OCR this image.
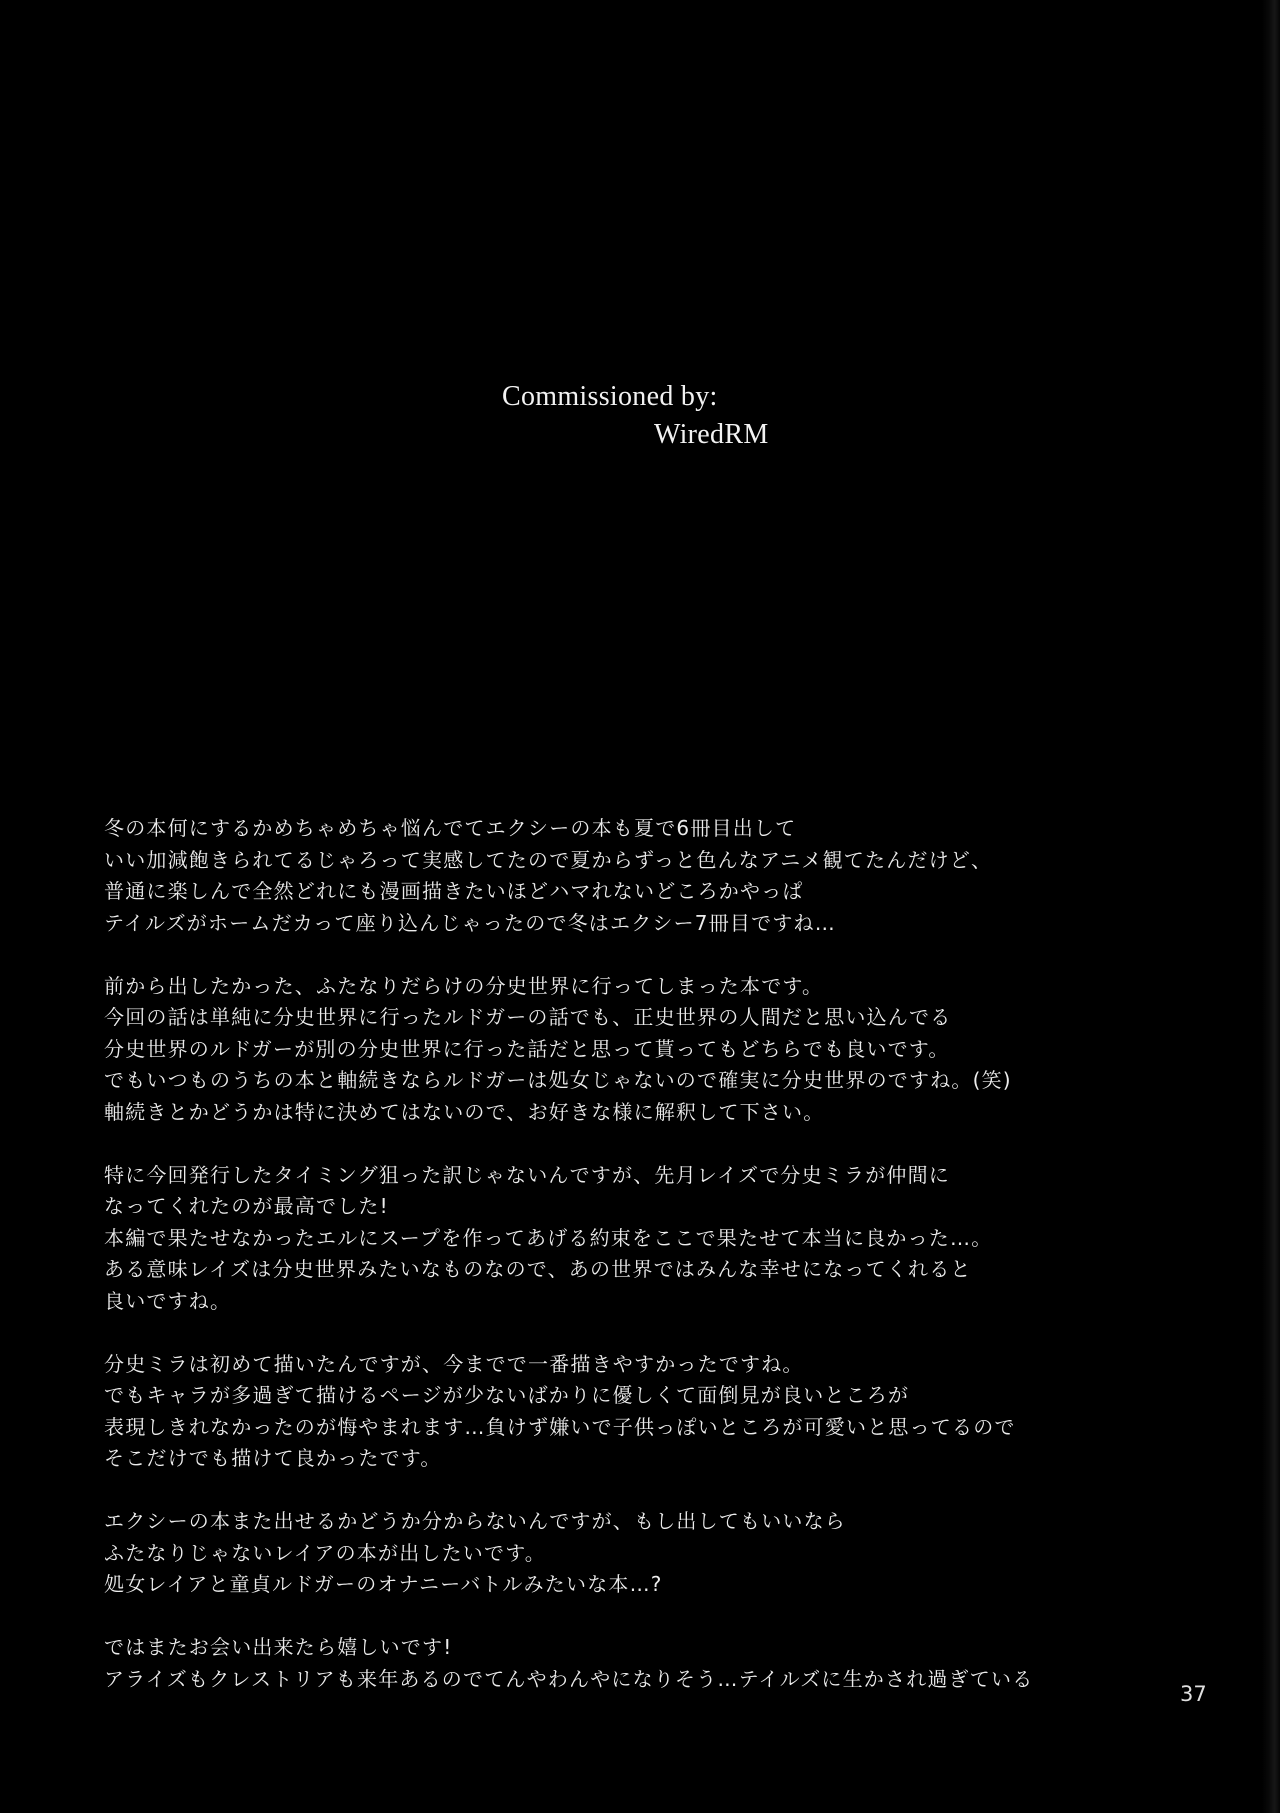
Commissioned by:
WiredRM
冬の本何にするかめちゃめちゃ悩んでてエクシーの本も夏で6冊目出して
いい加減飽きられてるじゃろって実感してたので夏からずっと色んなアニメ観てたんだけど、
普通に楽しんで全然どれにも漫画描きたいほどハマれないどころかやっぱ
テイルズがホームだカって座り込んじゃったので冬はエクシー7冊目ですね…
前から出したかった、ふたなりだらけの分史世界に行ってしまった本です。
今回の話は単純に分史世界に行ったルドガーの話でも、正史世界の人間だと思い込んでる
分史世界のルドガーが別の分史世界に行った話だと思って貰ってもどちらでも良いです。
でもいつものうちの本と軸続きならルドガーは処女じゃないので確実に分史世界のですね。(笑)
軸続きとかどうかは特に決めてはないので、お好きな様に解釈して下さい。
特に今回発行したタイミング狙った訳じゃないんですが、先月レイズで分史ミラが仲間に
なってくれたのが最高でした!
本編で果たせなかったエルにスープを作ってあげる約束をここで果たせて本当に良かった…。
ある意味レイズは分史世界みたいなものなので、あの世界ではみんな幸せになってくれると
良いですね。
分史ミラは初めて描いたんですが、今までで一番描きやすかったですね。
でもキャラが多過ぎて描けるページが少ないばかりに優しくて面倒見が良いところが
表現しきれなかったのが悔やまれます…負けず嫌いで子供っぽいところが可愛いと思ってるので
そこだけでも描けて良かったです。
エクシーの本また出せるかどうか分からないんですが、もし出してもいいなら
ふたなりじゃないレイアの本が出したいです。
処女レイアと童貞ルドガーのオナニーバトルみたいな本…?
ではまたお会い出来たら嬉しいです!
アライズもクレストリアも来年あるのでてんやわんやになりそう…テイルズに生かされ過ぎている
37
